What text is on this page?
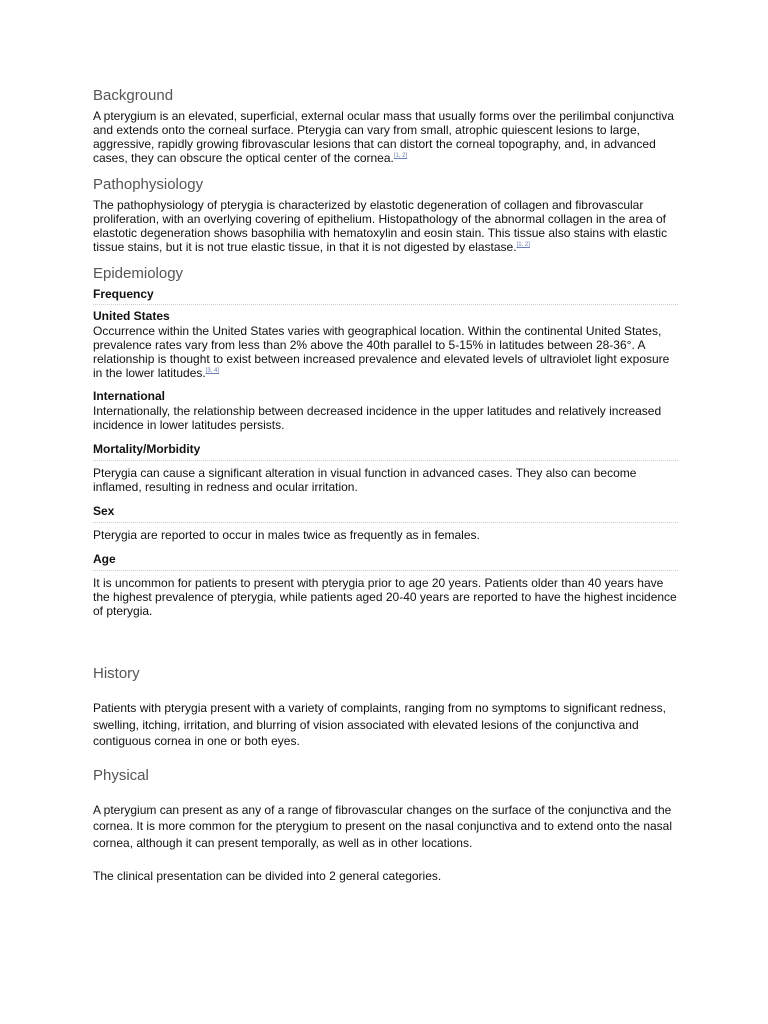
Background

A pterygium is an elevated, superficial, external ocular mass that usually forms over the perilimbal conjunctiva and extends onto the corneal surface. Pterygia can vary from small, atrophic quiescent lesions to large, aggressive, rapidly growing fibrovascular lesions that can distort the corneal topography, and, in advanced cases, they can obscure the optical center of the cornea.[1, 2]

Pathophysiology

The pathophysiology of pterygia is characterized by elastotic degeneration of collagen and fibrovascular proliferation, with an overlying covering of epithelium. Histopathology of the abnormal collagen in the area of elastotic degeneration shows basophilia with hematoxylin and eosin stain. This tissue also stains with elastic tissue stains, but it is not true elastic tissue, in that it is not digested by elastase.[1, 2]

Epidemiology
Frequency
United States

Occurrence within the United States varies with geographical location. Within the continental United States, prevalence rates vary from less than 2% above the 40th parallel to 5-15% in latitudes between 28-36°. A relationship is thought to exist between increased prevalence and elevated levels of ultraviolet light exposure in the lower latitudes.[3, 4]

International

Internationally, the relationship between decreased incidence in the upper latitudes and relatively increased incidence in lower latitudes persists.

Mortality/Morbidity

Pterygia can cause a significant alteration in visual function in advanced cases. They also can become inflamed, resulting in redness and ocular irritation.

Sex

Pterygia are reported to occur in males twice as frequently as in females.

Age

It is uncommon for patients to present with pterygia prior to age 20 years. Patients older than 40 years have the highest prevalence of pterygia, while patients aged 20-40 years are reported to have the highest incidence of pterygia.

History

Patients with pterygia present with a variety of complaints, ranging from no symptoms to significant redness, swelling, itching, irritation, and blurring of vision associated with elevated lesions of the conjunctiva and contiguous cornea in one or both eyes.

Physical

A pterygium can present as any of a range of fibrovascular changes on the surface of the conjunctiva and the cornea. It is more common for the pterygium to present on the nasal conjunctiva and to extend onto the nasal cornea, although it can present temporally, as well as in other locations.

The clinical presentation can be divided into 2 general categories.
